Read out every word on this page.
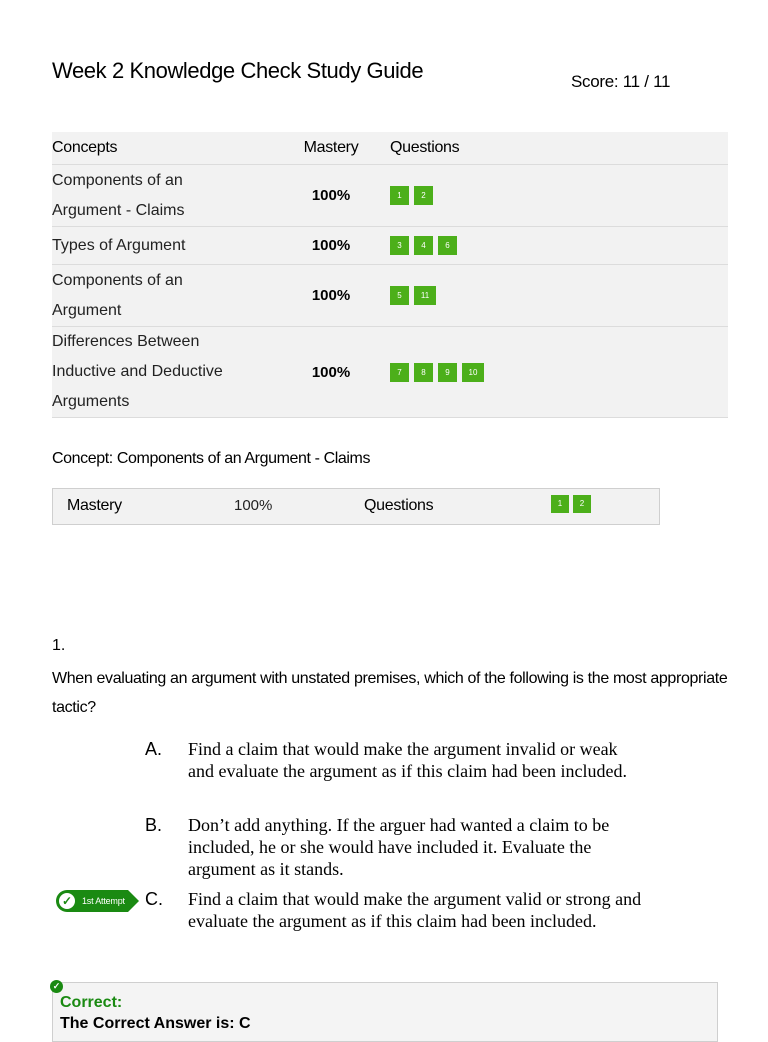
Week 2 Knowledge Check Study Guide	Score: 11 / 11
Concepts	Mastery	Questions

Components of an
Argument - Claims	100%	1 2

Types of Argument	100%	3 4 6

Components of an
Argument	100%	5 11

Differences Between
Inductive and Deductive
Arguments	100%	7 8 9 10
Concept: Components of an Argument - Claims
Mastery	100%	Questions	1 2
1.
When evaluating an argument with unstated premises, which of the following is the most appropriate tactic?
A. Find a claim that would make the argument invalid or weak and evaluate the argument as if this claim had been included.
B. Don’t add anything. If the arguer had wanted a claim to be included, he or she would have included it. Evaluate the argument as it stands.
✓	1st Attempt C. Find a claim that would make the argument valid or strong and evaluate the argument as if this claim had been included.
✓
Correct:
The Correct Answer is: C
